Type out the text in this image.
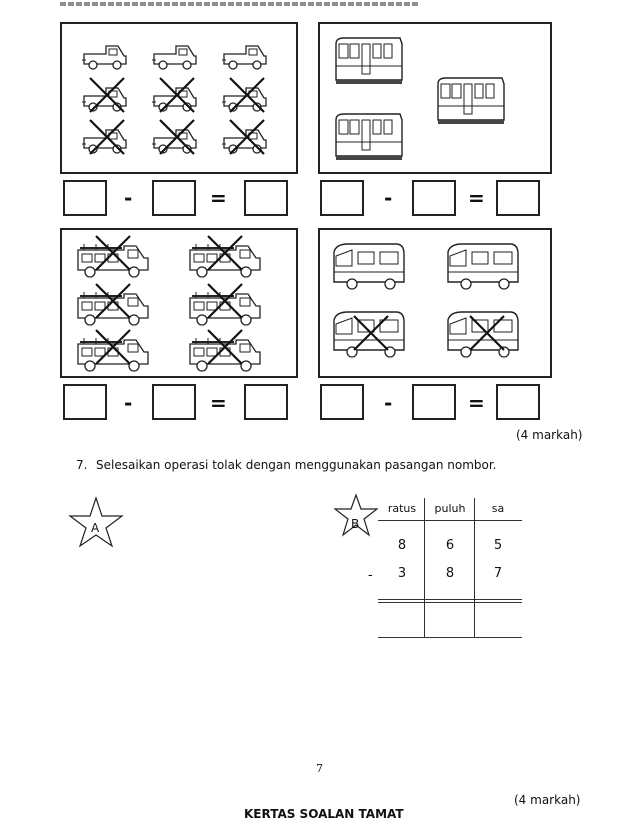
-	=	-	=
-	=	-	=
(4 markah)
7. Selesaikan operasi tolak dengan menggunakan pasangan nombor.
A	B
ratus	puluh	sa
8	6	5
-	3	8	7
7
(4 markah)
KERTAS SOALAN TAMAT
